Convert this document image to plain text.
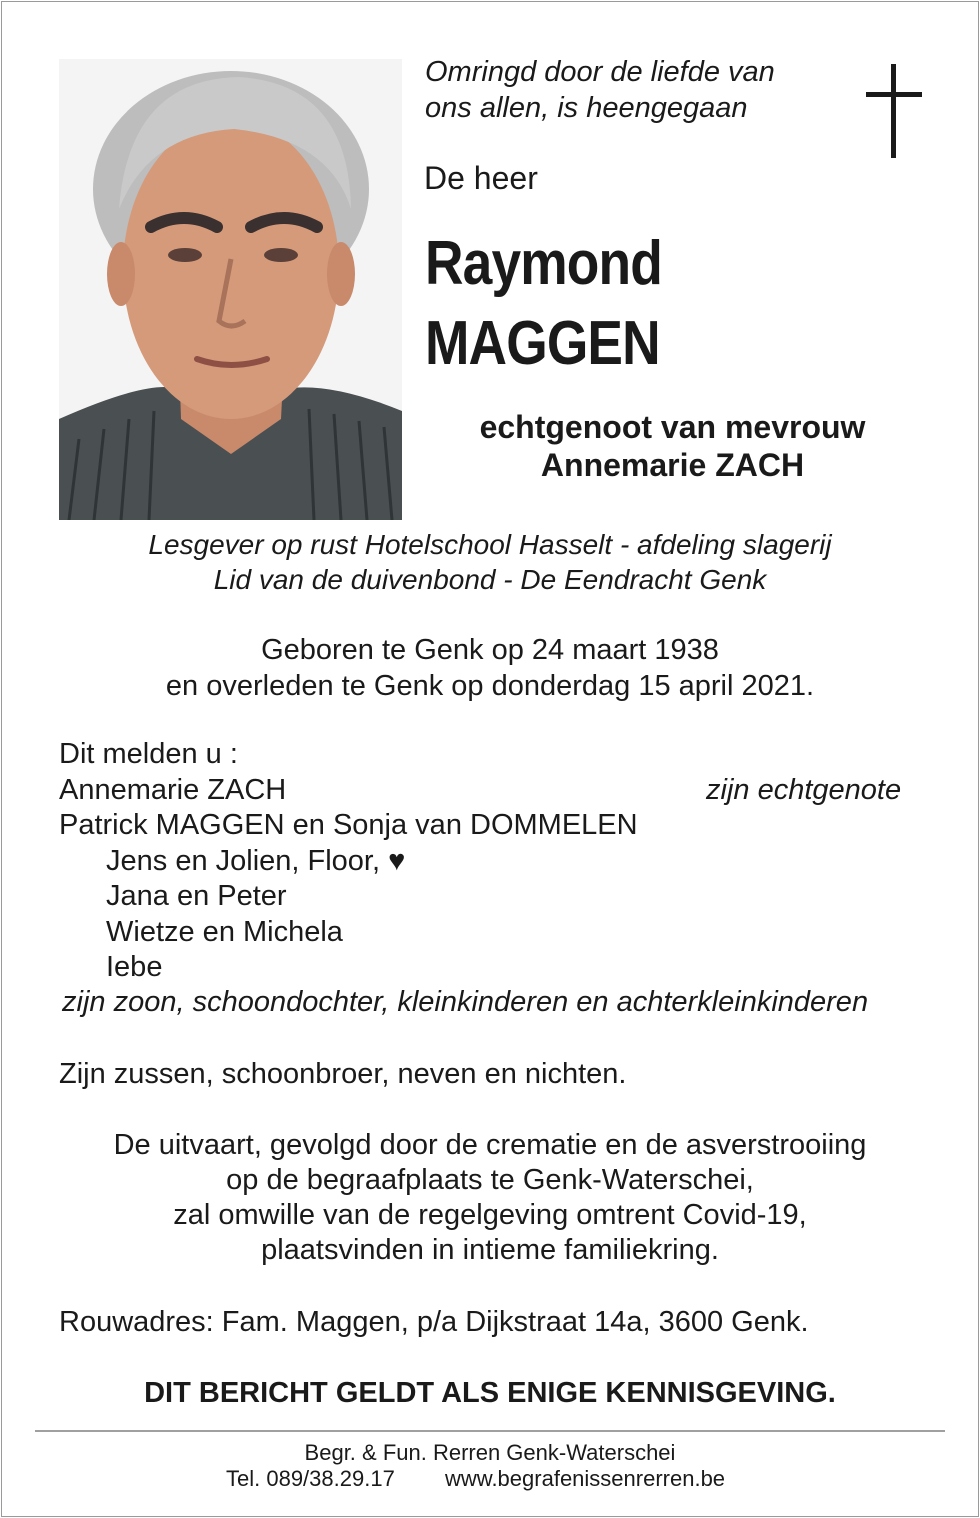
Omringd door de liefde van
ons allen, is heengegaan
De heer
Raymond
MAGGEN
echtgenoot van mevrouw
Annemarie ZACH
Lesgever op rust Hotelschool Hasselt - afdeling slagerij
Lid van de duivenbond - De Eendracht Genk
Geboren te Genk op 24 maart 1938
en overleden te Genk op donderdag 15 april 2021.
Dit melden u :
Annemarie ZACH	zijn echtgenote
Patrick MAGGEN en Sonja van DOMMELEN
Jens en Jolien, Floor, ♥
Jana en Peter
Wietze en Michela
Iebe
zijn zoon, schoondochter, kleinkinderen en achterkleinkinderen
Zijn zussen, schoonbroer, neven en nichten.
De uitvaart, gevolgd door de crematie en de asverstrooiing
op de begraafplaats te Genk-Waterschei,
zal omwille van de regelgeving omtrent Covid-19,
plaatsvinden in intieme familiekring.
Rouwadres: Fam. Maggen, p/a Dijkstraat 14a, 3600 Genk.
DIT BERICHT GELDT ALS ENIGE KENNISGEVING.
Begr. & Fun. Rerren Genk-Waterschei
Tel. 089/38.29.17 www.begrafenissenrerren.be
